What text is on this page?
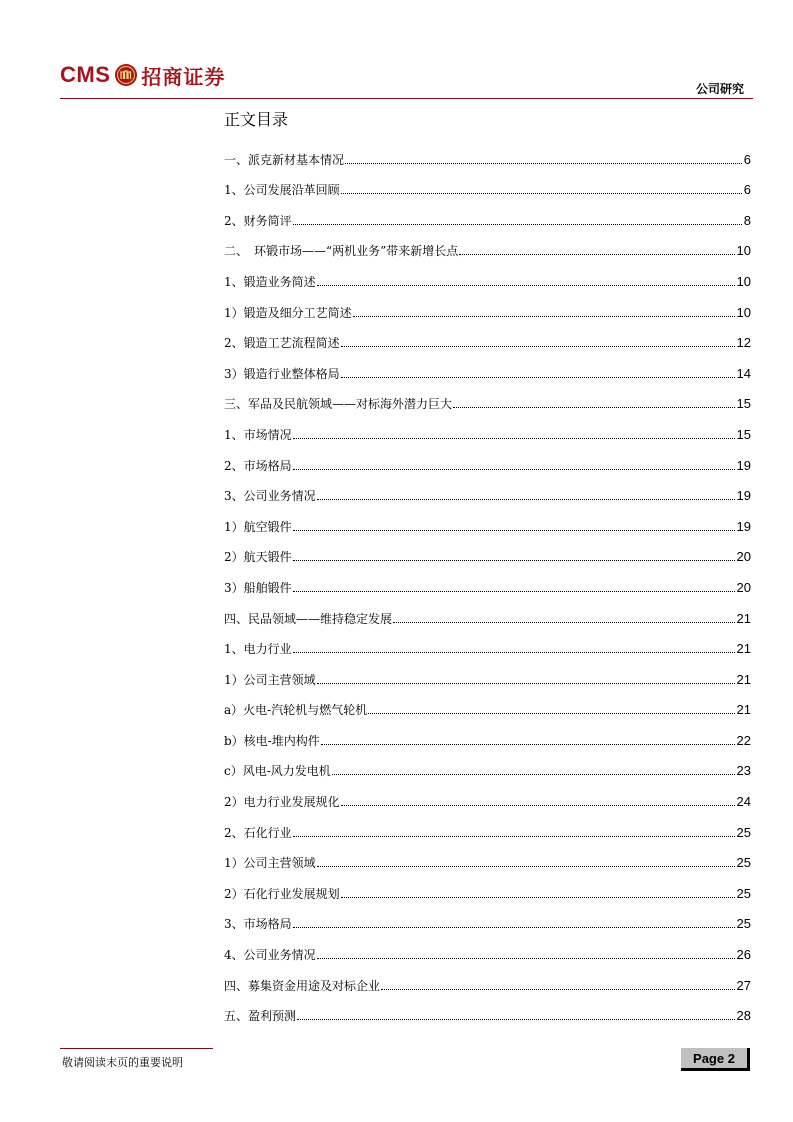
CMS 招商证券
公司研究
正文目录
一、派克新材基本情况	6
1、公司发展沿革回顾	6
2、财务简评	8
二、　环锻市场——“两机业务”带来新增长点	10
1、锻造业务简述	10
1）锻造及细分工艺简述	10
2、锻造工艺流程简述	12
3）锻造行业整体格局	14
三、军品及民航领域——对标海外潜力巨大	15
1、市场情况	15
2、市场格局	19
3、公司业务情况	19
1）航空锻件	19
2）航天锻件	20
3）船舶锻件	20
四、民品领域——维持稳定发展	21
1、电力行业	21
1）公司主营领域	21
a）火电-汽轮机与燃气轮机	21
b）核电-堆内构件	22
c）风电-风力发电机	23
2）电力行业发展规化	24
2、石化行业	25
1）公司主营领域	25
2）石化行业发展规划	25
3、市场格局	25
4、公司业务情况	26
四、募集资金用途及对标企业	27
五、盈利预测	28
敬请阅读末页的重要说明	Page 2
